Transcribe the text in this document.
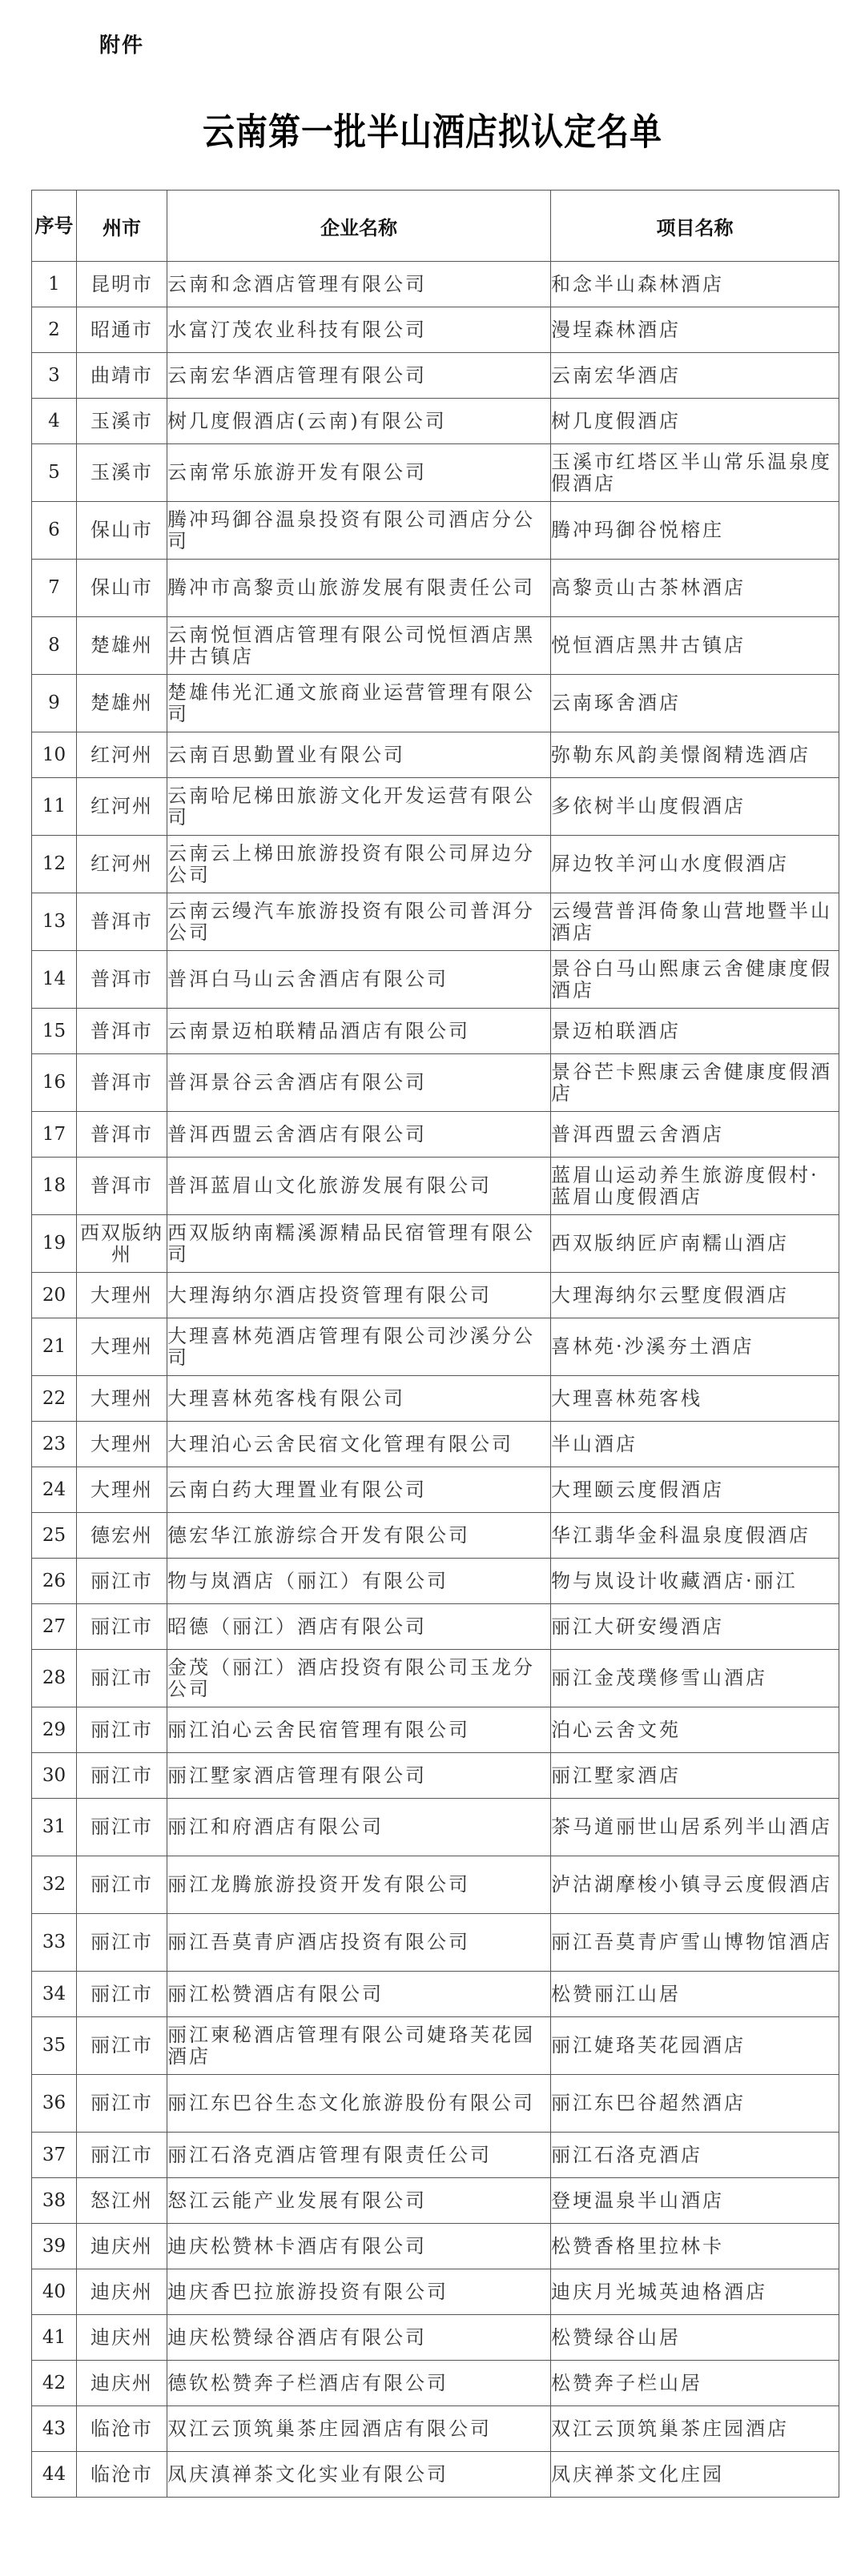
附件
云南第一批半山酒店拟认定名单
序号	州市	企业名称	项目名称
1	昆明市	云南和念酒店管理有限公司	和念半山森林酒店
2	昭通市	水富汀茂农业科技有限公司	漫埕森林酒店
3	曲靖市	云南宏华酒店管理有限公司	云南宏华酒店
4	玉溪市	树几度假酒店(云南)有限公司	树几度假酒店
5	玉溪市	云南常乐旅游开发有限公司	玉溪市红塔区半山常乐温泉度假酒店
6	保山市	腾冲玛御谷温泉投资有限公司酒店分公司	腾冲玛御谷悦榕庄
7	保山市	腾冲市高黎贡山旅游发展有限责任公司	高黎贡山古茶林酒店
8	楚雄州	云南悦恒酒店管理有限公司悦恒酒店黑井古镇店	悦恒酒店黑井古镇店
9	楚雄州	楚雄伟光汇通文旅商业运营管理有限公司	云南琢舍酒店
10	红河州	云南百思勤置业有限公司	弥勒东风韵美憬阁精选酒店
11	红河州	云南哈尼梯田旅游文化开发运营有限公司	多依树半山度假酒店
12	红河州	云南云上梯田旅游投资有限公司屏边分公司	屏边牧羊河山水度假酒店
13	普洱市	云南云缦汽车旅游投资有限公司普洱分公司	云缦营普洱倚象山营地暨半山酒店
14	普洱市	普洱白马山云舍酒店有限公司	景谷白马山熙康云舍健康度假酒店
15	普洱市	云南景迈柏联精品酒店有限公司	景迈柏联酒店
16	普洱市	普洱景谷云舍酒店有限公司	景谷芒卡熙康云舍健康度假酒店
17	普洱市	普洱西盟云舍酒店有限公司	普洱西盟云舍酒店
18	普洱市	普洱蓝眉山文化旅游发展有限公司	蓝眉山运动养生旅游度假村·蓝眉山度假酒店
19	西双版纳州	西双版纳南糯溪源精品民宿管理有限公司	西双版纳匠庐南糯山酒店
20	大理州	大理海纳尔酒店投资管理有限公司	大理海纳尔云墅度假酒店
21	大理州	大理喜林苑酒店管理有限公司沙溪分公司	喜林苑·沙溪夯土酒店
22	大理州	大理喜林苑客栈有限公司	大理喜林苑客栈
23	大理州	大理泊心云舍民宿文化管理有限公司	半山酒店
24	大理州	云南白药大理置业有限公司	大理颐云度假酒店
25	德宏州	德宏华江旅游综合开发有限公司	华江翡华金科温泉度假酒店
26	丽江市	物与岚酒店（丽江）有限公司	物与岚设计收藏酒店·丽江
27	丽江市	昭德（丽江）酒店有限公司	丽江大研安缦酒店
28	丽江市	金茂（丽江）酒店投资有限公司玉龙分公司	丽江金茂璞修雪山酒店
29	丽江市	丽江泊心云舍民宿管理有限公司	泊心云舍文苑
30	丽江市	丽江墅家酒店管理有限公司	丽江墅家酒店
31	丽江市	丽江和府酒店有限公司	茶马道丽世山居系列半山酒店
32	丽江市	丽江龙腾旅游投资开发有限公司	泸沽湖摩梭小镇寻云度假酒店
33	丽江市	丽江吾莫青庐酒店投资有限公司	丽江吾莫青庐雪山博物馆酒店
34	丽江市	丽江松赞酒店有限公司	松赞丽江山居
35	丽江市	丽江柬秘酒店管理有限公司婕珞芙花园酒店	丽江婕珞芙花园酒店
36	丽江市	丽江东巴谷生态文化旅游股份有限公司	丽江东巴谷超然酒店
37	丽江市	丽江石洛克酒店管理有限责任公司	丽江石洛克酒店
38	怒江州	怒江云能产业发展有限公司	登埂温泉半山酒店
39	迪庆州	迪庆松赞林卡酒店有限公司	松赞香格里拉林卡
40	迪庆州	迪庆香巴拉旅游投资有限公司	迪庆月光城英迪格酒店
41	迪庆州	迪庆松赞绿谷酒店有限公司	松赞绿谷山居
42	迪庆州	德钦松赞奔子栏酒店有限公司	松赞奔子栏山居
43	临沧市	双江云顶筑巢茶庄园酒店有限公司	双江云顶筑巢茶庄园酒店
44	临沧市	凤庆滇禅茶文化实业有限公司	凤庆禅茶文化庄园
